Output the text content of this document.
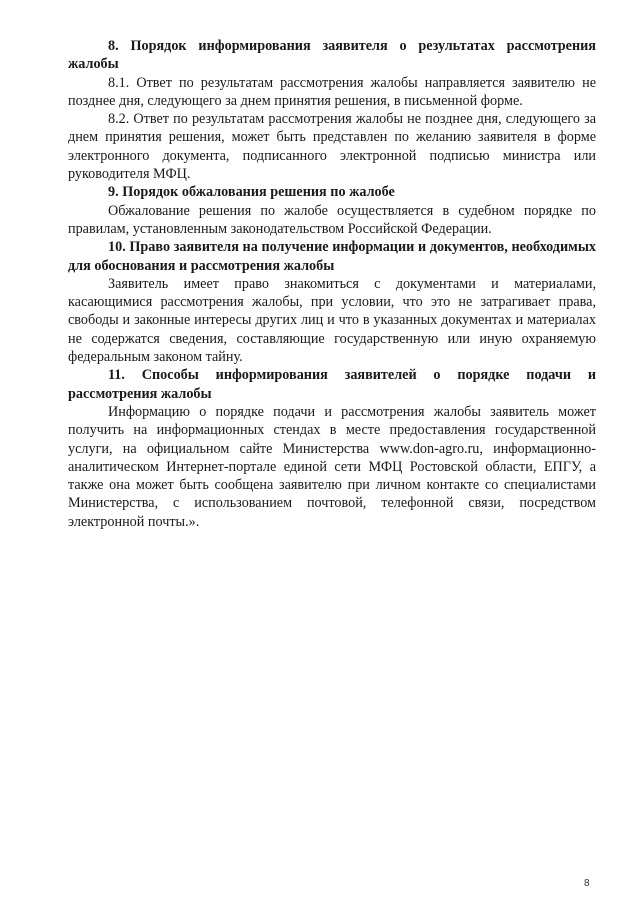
8. Порядок информирования заявителя о результатах рассмотрения жалобы

8.1. Ответ по результатам рассмотрения жалобы направляется заявителю не позднее дня, следующего за днем принятия решения, в письменной форме.

8.2. Ответ по результатам рассмотрения жалобы не позднее дня, следующего за днем принятия решения, может быть представлен по желанию заявителя в форме электронного документа, подписанного электронной подписью министра или руководителя МФЦ.

9. Порядок обжалования решения по жалобе

Обжалование решения по жалобе осуществляется в судебном порядке по правилам, установленным законодательством Российской Федерации.

10. Право заявителя на получение информации и документов, необходимых для обоснования и рассмотрения жалобы

Заявитель имеет право знакомиться с документами и материалами, касающимися рассмотрения жалобы, при условии, что это не затрагивает права, свободы и законные интересы других лиц и что в указанных документах и материалах не содержатся сведения, составляющие государственную или иную охраняемую федеральным законом тайну.

11. Способы информирования заявителей о порядке подачи и рассмотрения жалобы

Информацию о порядке подачи и рассмотрения жалобы заявитель может получить на информационных стендах в месте предоставления государственной услуги, на официальном сайте Министерства www.don-agro.ru, информационно-аналитическом Интернет-портале единой сети МФЦ Ростовской области, ЕПГУ, а также она может быть сообщена заявителю при личном контакте со специалистами Министерства, с использованием почтовой, телефонной связи, посредством электронной почты.».

8
